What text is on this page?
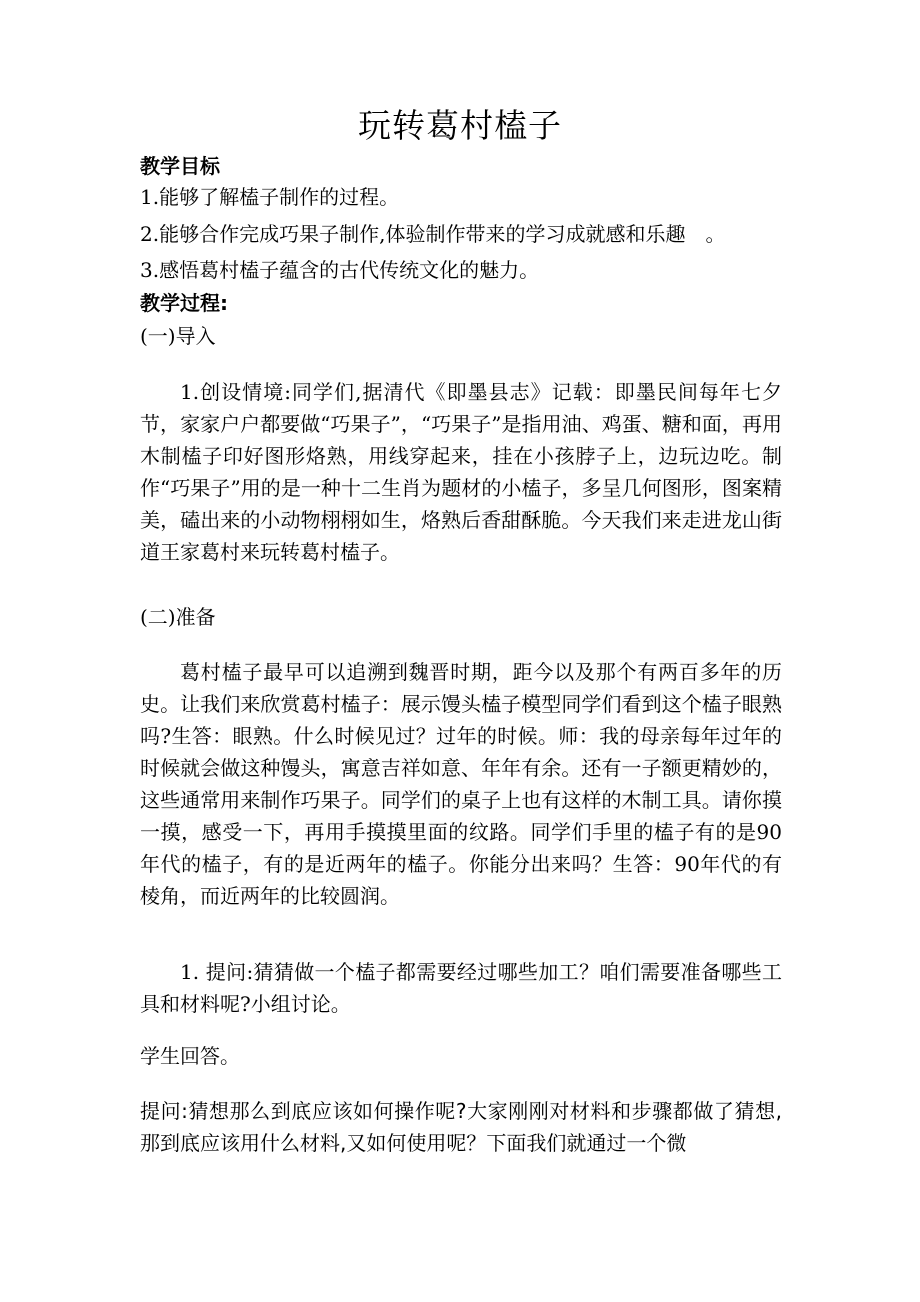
玩转葛村榼子
教学目标
1.能够了解榼子制作的过程。
2.能够合作完成巧果子制作,体验制作带来的学习成就感和乐趣　。
3.感悟葛村榼子蕴含的古代传统文化的魅力。
教学过程:
(一)导入
1.创设情境:同学们,据清代《即墨县志》记载：即墨民间每年七夕节，家家户户都要做“巧果子”，“巧果子”是指用油、鸡蛋、糖和面，再用木制榼子印好图形烙熟，用线穿起来，挂在小孩脖子上，边玩边吃。制作“巧果子”用的是一种十二生肖为题材的小榼子，多呈几何图形，图案精美，磕出来的小动物栩栩如生，烙熟后香甜酥脆。今天我们来走进龙山街道王家葛村来玩转葛村榼子。
(二)准备
葛村榼子最早可以追溯到魏晋时期，距今以及那个有两百多年的历史。让我们来欣赏葛村榼子：展示馒头榼子模型同学们看到这个榼子眼熟吗?生答：眼熟。什么时候见过？过年的时候。师：我的母亲每年过年的时候就会做这种馒头，寓意吉祥如意、年年有余。还有一子额更精妙的，这些通常用来制作巧果子。同学们的桌子上也有这样的木制工具。请你摸一摸，感受一下，再用手摸摸里面的纹路。同学们手里的榼子有的是90年代的榼子，有的是近两年的榼子。你能分出来吗？生答：90年代的有棱角，而近两年的比较圆润。
1. 提问:猜猜做一个榼子都需要经过哪些加工？咱们需要准备哪些工具和材料呢?小组讨论。
学生回答。
提问:猜想那么到底应该如何操作呢?大家刚刚对材料和步骤都做了猜想,那到底应该用什么材料,又如何使用呢？下面我们就通过一个微
